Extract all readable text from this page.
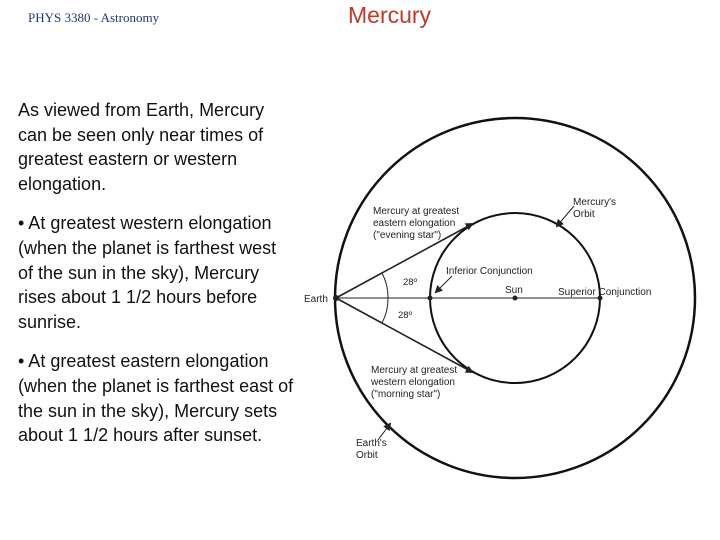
PHYS 3380 - Astronomy	Mercury

As viewed from Earth, Mercury can be seen only near times of greatest eastern or western elongation.

• At greatest western elongation (when the planet is farthest west of the sun in the sky), Mercury rises about 1 1/2 hours before sunrise.

• At greatest eastern elongation (when the planet is farthest east of the sun in the sky), Mercury sets about 1 1/2 hours after sunset.

Mercury at greatest eastern elongation ("evening star")
Mercury at greatest western elongation ("morning star")
Mercury's Orbit
Earth's Orbit
Earth
Sun
Inferior Conjunction
Superior Conjunction
28º
28º
